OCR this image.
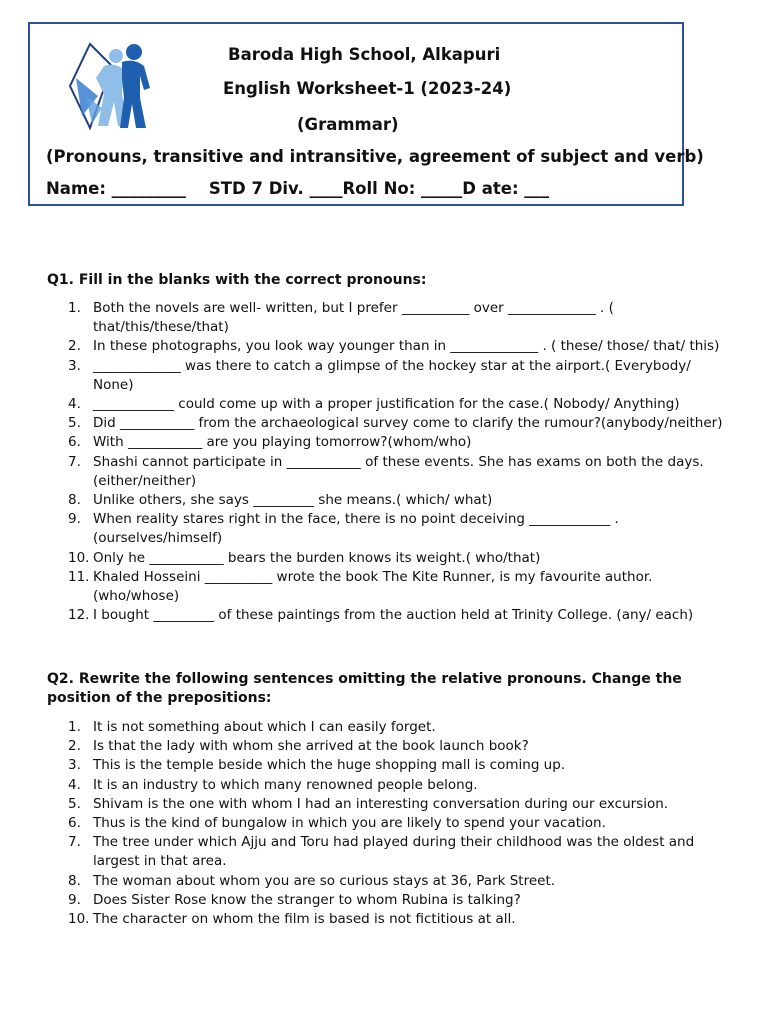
Baroda High School, Alkapuri
English Worksheet-1 (2023-24)
(Grammar)
(Pronouns, transitive and intransitive, agreement of subject and verb)
Name: _________    STD 7 Div. ____Roll No: _____D ate: ___
Q1. Fill in the blanks with the correct pronouns:
1. Both the novels are well- written, but I prefer __________ over _____________ . ( that/this/these/that)
2. In these photographs, you look way younger than in _____________ . ( these/ those/ that/ this)
3. _____________ was there to catch a glimpse of the hockey star at the airport.( Everybody/ None)
4. ____________ could come up with a proper justification for the case.( Nobody/ Anything)
5. Did ___________ from the archaeological survey come to clarify the rumour?(anybody/neither)
6. With ___________ are you playing tomorrow?(whom/who)
7. Shashi cannot participate in ___________ of these events. She has exams on both the days.(either/neither)
8. Unlike others, she says _________ she means.( which/ what)
9. When reality stares right in the face, there is no point deceiving ____________ .(ourselves/himself)
10. Only he ___________ bears the burden knows its weight.( who/that)
11. Khaled Hosseini __________ wrote the book The Kite Runner, is my favourite author.(who/whose)
12. I bought _________ of these paintings from the auction held at Trinity College. (any/ each)
Q2. Rewrite the following sentences omitting the relative pronouns. Change the position of the prepositions:
1. It is not something about which I can easily forget.
2. Is that the lady with whom she arrived at the book launch book?
3. This is the temple beside which the huge shopping mall is coming up.
4. It is an industry to which many renowned people belong.
5. Shivam is the one with whom I had an interesting conversation during our excursion.
6. Thus is the kind of bungalow in which you are likely to spend your vacation.
7. The tree under which Ajju and Toru had played during their childhood was the oldest and largest in that area.
8. The woman about whom you are so curious stays at 36, Park Street.
9. Does Sister Rose know the stranger to whom Rubina is talking?
10. The character on whom the film is based is not fictitious at all.
